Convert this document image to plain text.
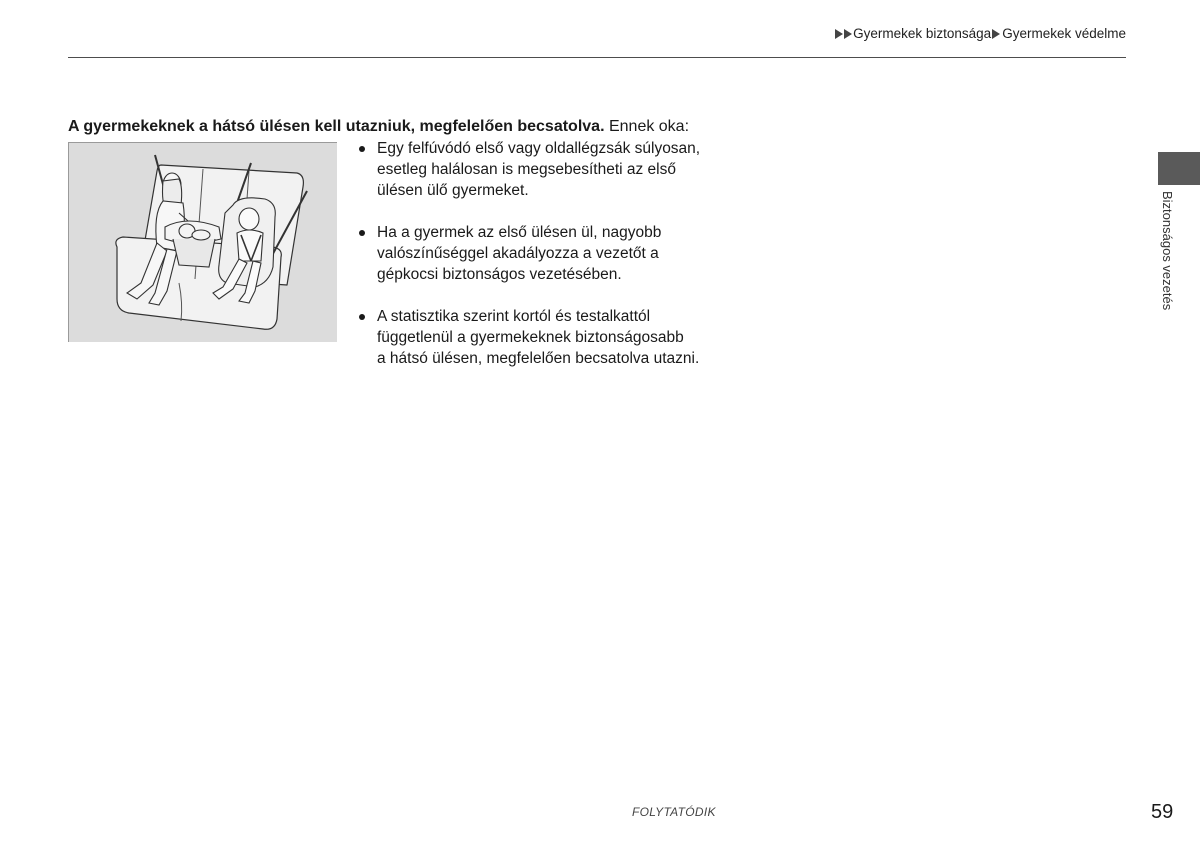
Gyermekek biztonsága Gyermekek védelme
A gyermekeknek a hátsó ülésen kell utazniuk, megfelelően becsatolva. Ennek oka:
Egy felfúvódó első vagy oldallégzsák súlyosan,
esetleg halálosan is megsebesítheti az első
ülésen ülő gyermeket.
Ha a gyermek az első ülésen ül, nagyobb
valószínűséggel akadályozza a vezetőt a
gépkocsi biztonságos vezetésében.
A statisztika szerint kortól és testalkattól
függetlenül a gyermekeknek biztonságosabb
a hátsó ülésen, megfelelően becsatolva utazni.
Biztonságos vezetés
FOLYTATÓDIK	59
